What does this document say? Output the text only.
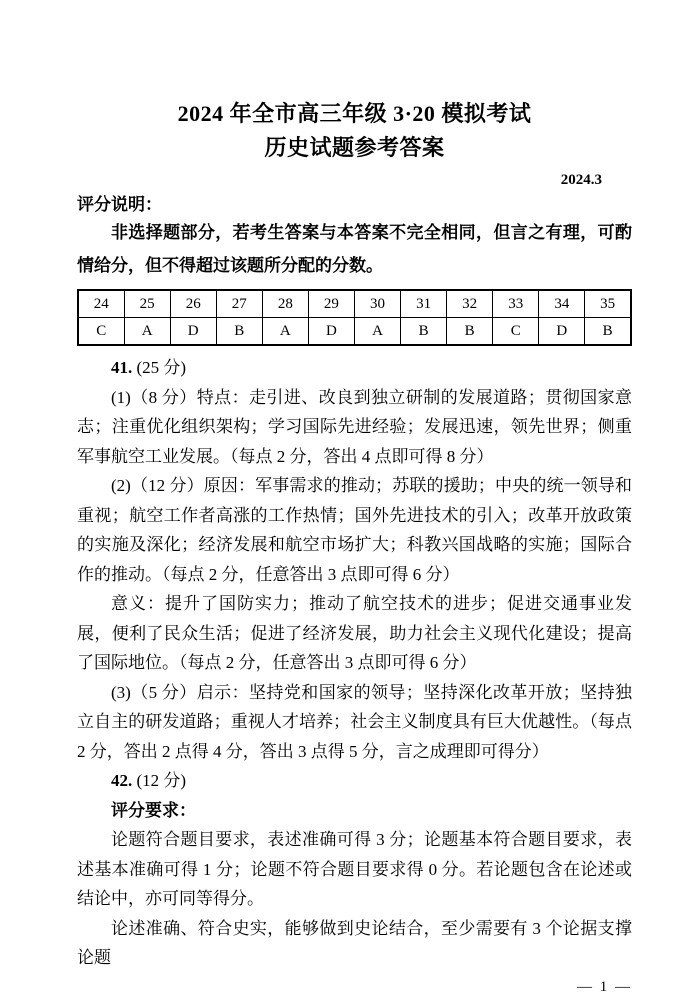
2024 年全市高三年级 3·20 模拟考试
历史试题参考答案
2024.3
评分说明：

非选择题部分，若考生答案与本答案不完全相同，但言之有理，可酌情给分，但不得超过该题所分配的分数。

24	25	26	27	28	29	30	31	32	33	34	35
C	A	D	B	A	D	A	B	B	C	D	B

41. (25 分)

(1)（8 分）特点：走引进、改良到独立研制的发展道路；贯彻国家意志；注重优化组织架构；学习国际先进经验；发展迅速，领先世界；侧重军事航空工业发展。（每点 2 分，答出 4 点即可得 8 分）

(2)（12 分）原因：军事需求的推动；苏联的援助；中央的统一领导和重视；航空工作者高涨的工作热情；国外先进技术的引入；改革开放政策的实施及深化；经济发展和航空市场扩大；科教兴国战略的实施；国际合作的推动。（每点 2 分，任意答出 3 点即可得 6 分）

意义：提升了国防实力；推动了航空技术的进步；促进交通事业发展，便利了民众生活；促进了经济发展，助力社会主义现代化建设；提高了国际地位。（每点 2 分，任意答出 3 点即可得 6 分）

(3)（5 分）启示：坚持党和国家的领导；坚持深化改革开放；坚持独立自主的研发道路；重视人才培养；社会主义制度具有巨大优越性。（每点 2 分，答出 2 点得 4 分，答出 3 点得 5 分，言之成理即可得分）

42. (12 分)

评分要求：

论题符合题目要求，表述准确可得 3 分；论题基本符合题目要求，表述基本准确可得 1 分；论题不符合题目要求得 0 分。若论题包含在论述或结论中，亦可同等得分。

论述准确、符合史实，能够做到史论结合，至少需要有 3 个论据支撑论题

— 1 —
